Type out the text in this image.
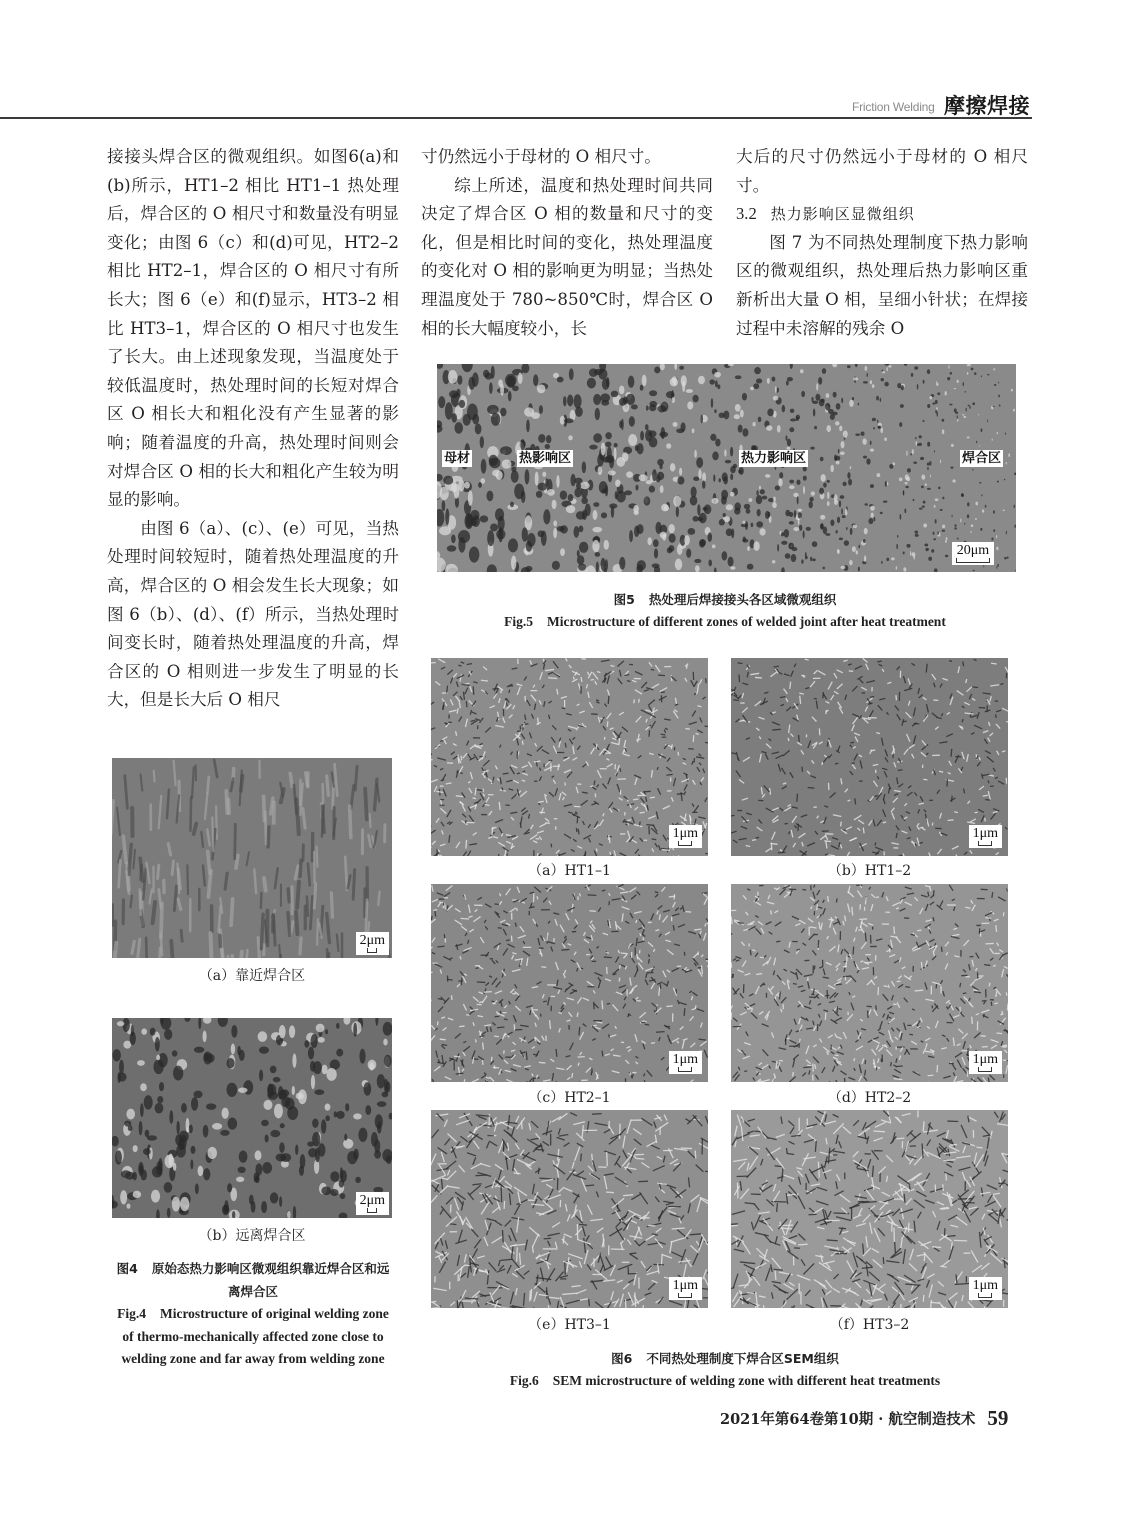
Friction Welding 摩擦焊接

接接头焊合区的微观组织。如图6(a)和(b)所示，HT1–2 相比 HT1–1 热处理后，焊合区的 O 相尺寸和数量没有明显变化；由图 6（c）和(d)可见，HT2–2 相比 HT2–1，焊合区的 O 相尺寸有所长大；图 6（e）和(f)显示，HT3–2 相比 HT3–1，焊合区的 O 相尺寸也发生了长大。由上述现象发现，当温度处于较低温度时，热处理时间的长短对焊合区 O 相长大和粗化没有产生显著的影响；随着温度的升高，热处理时间则会对焊合区 O 相的长大和粗化产生较为明显的影响。

由图 6（a）、(c）、(e）可见，当热处理时间较短时，随着热处理温度的升高，焊合区的 O 相会发生长大现象；如图 6（b）、(d）、(f）所示，当热处理时间变长时，随着热处理温度的升高，焊合区的 O 相则进一步发生了明显的长大，但是长大后 O 相尺

寸仍然远小于母材的 O 相尺寸。

综上所述，温度和热处理时间共同决定了焊合区 O 相的数量和尺寸的变化，但是相比时间的变化，热处理温度的变化对 O 相的影响更为明显；当热处理温度处于 780~850℃时，焊合区 O 相的长大幅度较小，长

大后的尺寸仍然远小于母材的 O 相尺寸。

3.2 热力影响区显微组织

图 7 为不同热处理制度下热力影响区的微观组织，热处理后热力影响区重新析出大量 O 相，呈细小针状；在焊接过程中未溶解的残余 O

母材	热影响区	热力影响区	焊合区
20μm
图5 热处理后焊接接头各区域微观组织
Fig.5 Microstructure of different zones of welded joint after heat treatment
1μm
（a）HT1–1
1μm
（b）HT1–2
1μm
（c）HT2–1
1μm
（d）HT2–2
1μm
（e）HT3–1
1μm
（f）HT3–2
图6 不同热处理制度下焊合区SEM组织
Fig.6 SEM microstructure of welding zone with different heat treatments
2μm
（a）靠近焊合区
2μm
（b）远离焊合区
图4 原始态热力影响区微观组织靠近焊合区和远离焊合区
Fig.4 Microstructure of original welding zone of thermo-mechanically affected zone close to welding zone and far away from welding zone
2021年第64卷第10期 · 航空制造技术 59
